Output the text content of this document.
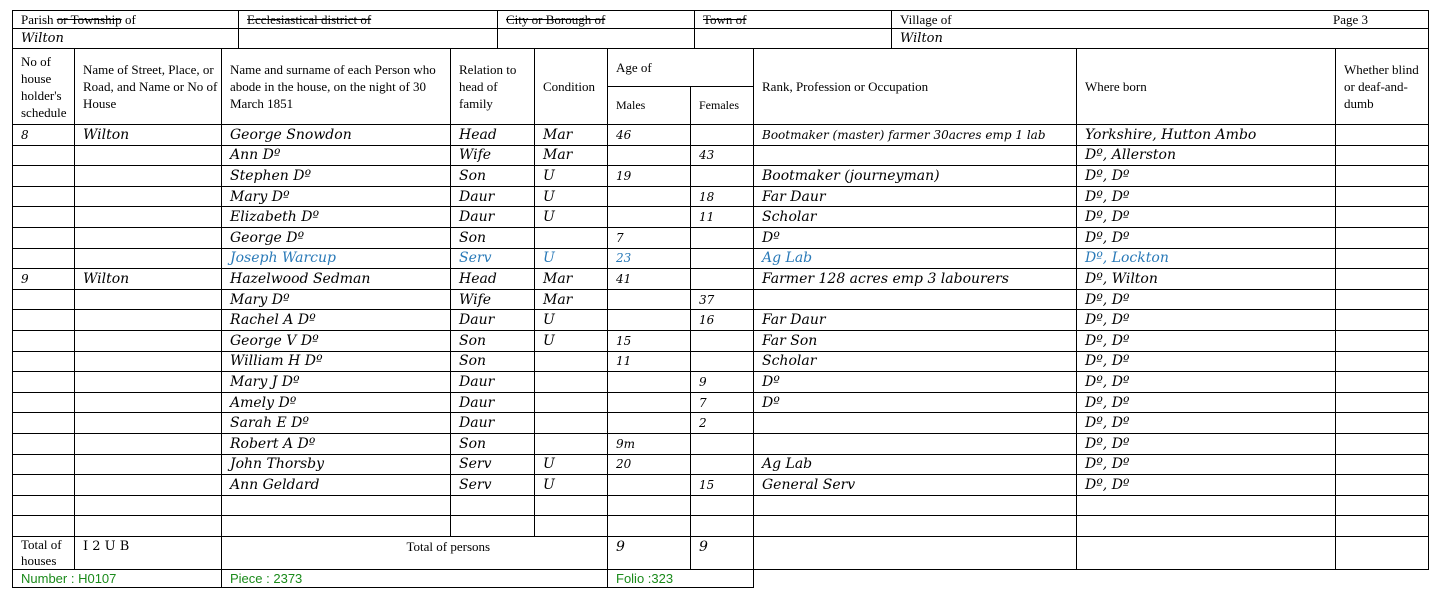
Parish or Township of	Ecclesiastical district of	City or Borough of	Town of	Village of Page 3

Wilton				Wilton
No of house holder's schedule	Name of Street, Place, or Road, and Name or No of House	Name and surname of each Person who abode in the house, on the night of 30 March 1851	Relation to head of family	Condition	Age of		Rank, Profession or Occupation	Where born	Whether blind or deaf-and-dumb
					Males	Females			
8	Wilton	George Snowdon	Head	Mar	46		Bootmaker (master) farmer 30acres emp 1 lab	Yorkshire, Hutton Ambo	
		Ann Dº	Wife	Mar		43		Dº, Allerston	
		Stephen Dº	Son	U	19		Bootmaker (journeyman)	Dº, Dº	
		Mary Dº	Daur	U		18	Far Daur	Dº, Dº	
		Elizabeth Dº	Daur	U		11	Scholar	Dº, Dº	
		George Dº	Son		7		Dº	Dº, Dº	
		Joseph Warcup	Serv	U	23		Ag Lab	Dº, Lockton	
9	Wilton	Hazelwood Sedman	Head	Mar	41		Farmer 128 acres emp 3 labourers	Dº, Wilton	
		Mary Dº	Wife	Mar		37		Dº, Dº	
		Rachel A Dº	Daur	U		16	Far Daur	Dº, Dº	
		George V Dº	Son	U	15		Far Son	Dº, Dº	
		William H Dº	Son		11		Scholar	Dº, Dº	
		Mary J Dº	Daur			9	Dº	Dº, Dº	
		Amely Dº	Daur			7	Dº	Dº, Dº	
		Sarah E Dº	Daur			2		Dº, Dº	
		Robert A Dº	Son		9m			Dº, Dº	
		John Thorsby	Serv	U	20		Ag Lab	Dº, Dº	
		Ann Geldard	Serv	U		15	General Serv	Dº, Dº	

Total of houses	I 2 U B		Total of persons		9	9			
Number : H0107		Piece : 2373			Folio :323				
